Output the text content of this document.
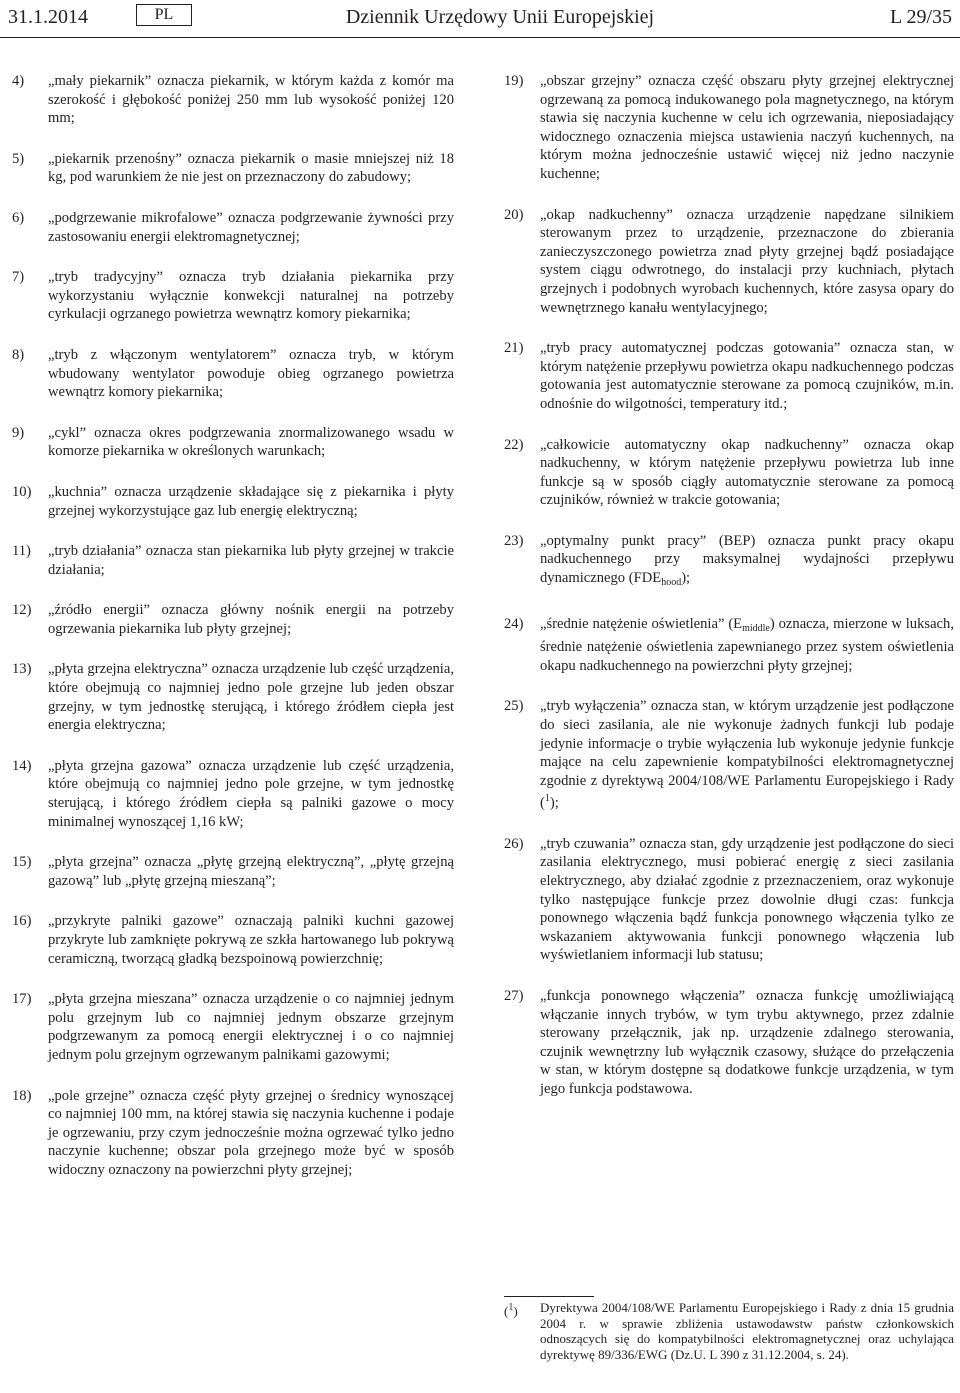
31.1.2014	PL	Dziennik Urzędowy Unii Europejskiej	L 29/35
4)	„mały piekarnik” oznacza piekarnik, w którym każda z komór ma szerokość i głębokość poniżej 250 mm lub wysokość poniżej 120 mm;
5)	„piekarnik przenośny” oznacza piekarnik o masie mniejszej niż 18 kg, pod warunkiem że nie jest on przeznaczony do zabudowy;
6)	„podgrzewanie mikrofalowe” oznacza podgrzewanie żywności przy zastosowaniu energii elektromagnetycznej;
7)	„tryb tradycyjny” oznacza tryb działania piekarnika przy wykorzystaniu wyłącznie konwekcji naturalnej na potrzeby cyrkulacji ogrzanego powietrza wewnątrz komory piekarnika;
8)	„tryb z włączonym wentylatorem” oznacza tryb, w którym wbudowany wentylator powoduje obieg ogrzanego powietrza wewnątrz komory piekarnika;
9)	„cykl” oznacza okres podgrzewania znormalizowanego wsadu w komorze piekarnika w określonych warunkach;
10)	„kuchnia” oznacza urządzenie składające się z piekarnika i płyty grzejnej wykorzystujące gaz lub energię elektryczną;
11)	„tryb działania” oznacza stan piekarnika lub płyty grzejnej w trakcie działania;
12)	„źródło energii” oznacza główny nośnik energii na potrzeby ogrzewania piekarnika lub płyty grzejnej;
13)	„płyta grzejna elektryczna” oznacza urządzenie lub część urządzenia, które obejmują co najmniej jedno pole grzejne lub jeden obszar grzejny, w tym jednostkę sterującą, i którego źródłem ciepła jest energia elektryczna;
14)	„płyta grzejna gazowa” oznacza urządzenie lub część urządzenia, które obejmują co najmniej jedno pole grzejne, w tym jednostkę sterującą, i którego źródłem ciepła są palniki gazowe o mocy minimalnej wynoszącej 1,16 kW;
15)	„płyta grzejna” oznacza „płytę grzejną elektryczną”, „płytę grzejną gazową” lub „płytę grzejną mieszaną”;
16)	„przykryte palniki gazowe” oznaczają palniki kuchni gazowej przykryte lub zamknięte pokrywą ze szkła hartowanego lub pokrywą ceramiczną, tworzącą gładką bezspoinową powierzchnię;
17)	„płyta grzejna mieszana” oznacza urządzenie o co najmniej jednym polu grzejnym lub co najmniej jednym obszarze grzejnym podgrzewanym za pomocą energii elektrycznej i o co najmniej jednym polu grzejnym ogrzewanym palnikami gazowymi;
18)	„pole grzejne” oznacza część płyty grzejnej o średnicy wynoszącej co najmniej 100 mm, na której stawia się naczynia kuchenne i podaje je ogrzewaniu, przy czym jednocześnie można ogrzewać tylko jedno naczynie kuchenne; obszar pola grzejnego może być w sposób widoczny oznaczony na powierzchni płyty grzejnej;
19)	„obszar grzejny” oznacza część obszaru płyty grzejnej elektrycznej ogrzewaną za pomocą indukowanego pola magnetycznego, na którym stawia się naczynia kuchenne w celu ich ogrzewania, nieposiadający widocznego oznaczenia miejsca ustawienia naczyń kuchennych, na którym można jednocześnie ustawić więcej niż jedno naczynie kuchenne;
20)	„okap nadkuchenny” oznacza urządzenie napędzane silnikiem sterowanym przez to urządzenie, przeznaczone do zbierania zanieczyszczonego powietrza znad płyty grzejnej bądź posiadające system ciągu odwrotnego, do instalacji przy kuchniach, płytach grzejnych i podobnych wyrobach kuchennych, które zasysa opary do wewnętrznego kanału wentylacyjnego;
21)	„tryb pracy automatycznej podczas gotowania” oznacza stan, w którym natężenie przepływu powietrza okapu nadkuchennego podczas gotowania jest automatycznie sterowane za pomocą czujników, m.in. odnośnie do wilgotności, temperatury itd.;
22)	„całkowicie automatyczny okap nadkuchenny” oznacza okap nadkuchenny, w którym natężenie przepływu powietrza lub inne funkcje są w sposób ciągły automatycznie sterowane za pomocą czujników, również w trakcie gotowania;
23)	„optymalny punkt pracy” (BEP) oznacza punkt pracy okapu nadkuchennego przy maksymalnej wydajności przepływu dynamicznego $(FDE_{hood})$;
24)	„średnie natężenie oświetlenia” $(E_{middle})$ oznacza, mierzone w luksach, średnie natężenie oświetlenia zapewnianego przez system oświetlenia okapu nadkuchennego na powierzchni płyty grzejnej;
25)	„tryb wyłączenia” oznacza stan, w którym urządzenie jest podłączone do sieci zasilania, ale nie wykonuje żadnych funkcji lub podaje jedynie informacje o trybie wyłączenia lub wykonuje jedynie funkcje mające na celu zapewnienie kompatybilności elektromagnetycznej zgodnie z dyrektywą 2004/108/WE Parlamentu Europejskiego i Rady ($^1$);
26)	„tryb czuwania” oznacza stan, gdy urządzenie jest podłączone do sieci zasilania elektrycznego, musi pobierać energię z sieci zasilania elektrycznego, aby działać zgodnie z przeznaczeniem, oraz wykonuje tylko następujące funkcje przez dowolnie długi czas: funkcja ponownego włączenia bądź funkcja ponownego włączenia tylko ze wskazaniem aktywowania funkcji ponownego włączenia lub wyświetlaniem informacji lub statusu;
27)	„funkcja ponownego włączenia” oznacza funkcję umożliwiającą włączanie innych trybów, w tym trybu aktywnego, przez zdalnie sterowany przełącznik, jak np. urządzenie zdalnego sterowania, czujnik wewnętrzny lub wyłącznik czasowy, służące do przełączenia w stan, w którym dostępne są dodatkowe funkcje urządzenia, w tym jego funkcja podstawowa.
($^1$)	Dyrektywa 2004/108/WE Parlamentu Europejskiego i Rady z dnia 15 grudnia 2004 r. w sprawie zbliżenia ustawodawstw państw członkowskich odnoszących się do kompatybilności elektromagnetycznej oraz uchylająca dyrektywę 89/336/EWG (Dz.U. L 390 z 31.12.2004, s. 24).
